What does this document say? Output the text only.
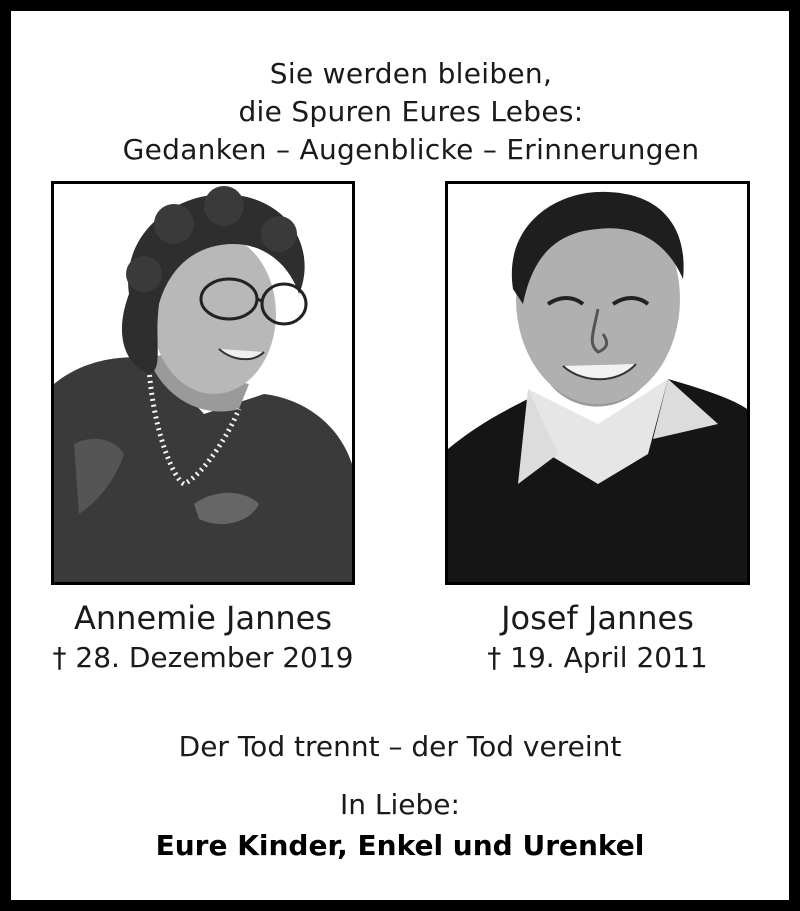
Sie werden bleiben,
die Spuren Eures Lebes:
Gedanken – Augenblicke – Erinnerungen
Annemie Jannes
† 28. Dezember 2019
Josef Jannes
† 19. April 2011
Der Tod trennt – der Tod vereint
In Liebe:
Eure Kinder, Enkel und Urenkel
